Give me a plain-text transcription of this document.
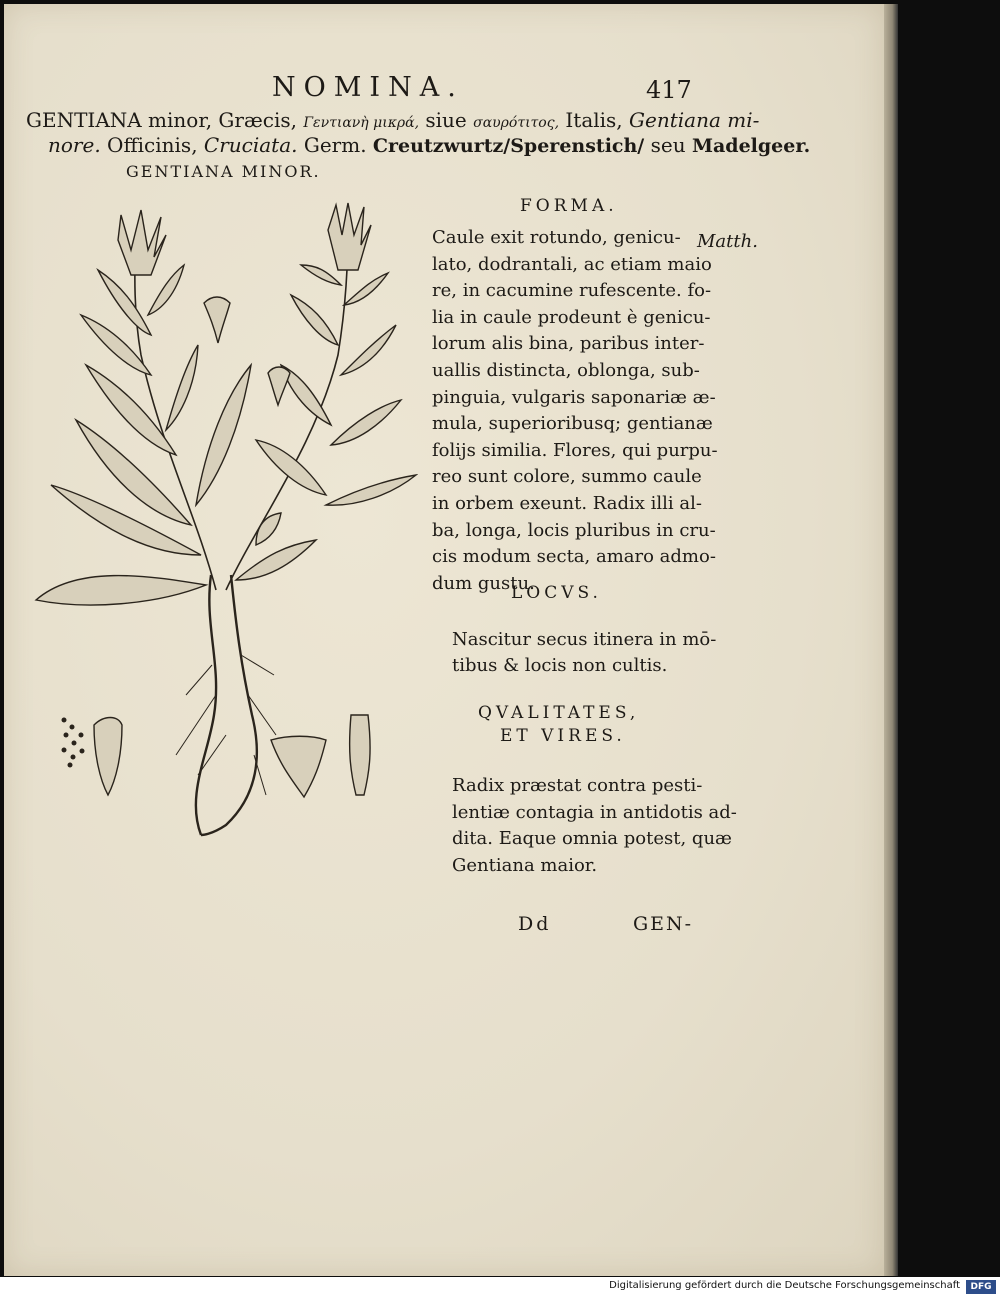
NOMINA.	417
GENTIANA minor, Græcis, Γεντιανὴ μικρά, siue σαυρότιτος, Italis, Gentiana mi-
nore. Officinis, Cruciata. Germ. Creutzwurtz/Sperenstich/ seu Madelgeer.
GENTIANA MINOR.
FORMA.
Matth.
Caule exit rotundo, genicu-
lato, dodrantali, ac etiam maio
re, in cacumine rufescente. fo-
lia in caule prodeunt è genicu-
lorum alis bina, paribus inter-
uallis distincta, oblonga, sub-
pinguia, vulgaris saponariæ æ-
mula, superioribusq; gentianæ
folijs similia. Flores, qui purpu-
reo sunt colore, summo caule
in orbem exeunt. Radix illi al-
ba, longa, locis pluribus in cru-
cis modum secta, amaro admo-
dum gustu.
LOCVS.
Nascitur secus itinera in mō-
tibus & locis non cultis.
QVALITATES,
ET VIRES.
Radix præstat contra pesti-
lentiæ contagia in antidotis ad-
dita. Eaque omnia potest, quæ
Gentiana maior.
Dd	GEN-
Digitalisierung gefördert durch die Deutsche Forschungsgemeinschaft	DFG
